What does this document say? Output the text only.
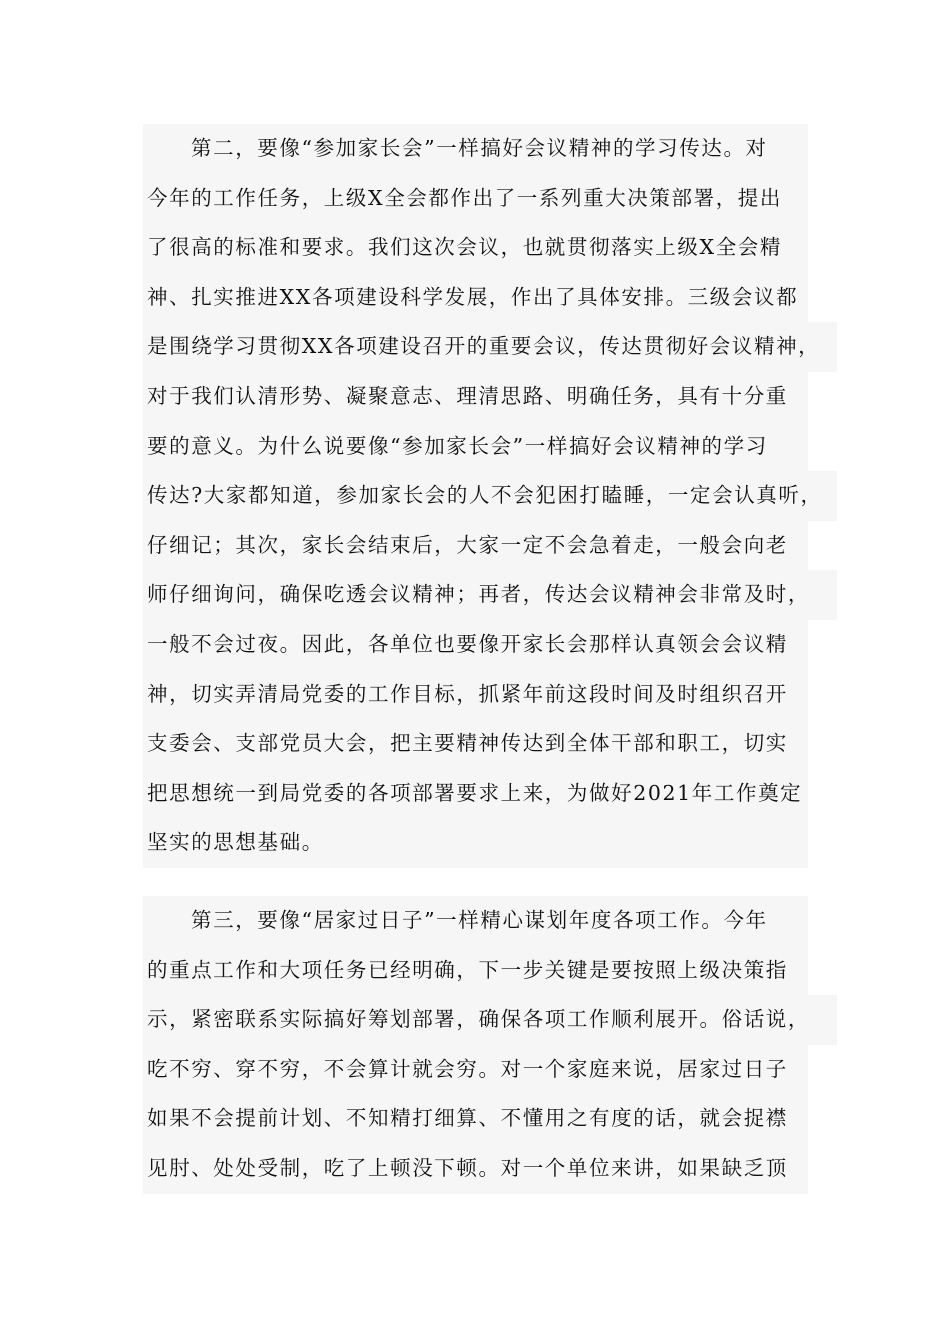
第二，要像“参加家长会”一样搞好会议精神的学习传达。对
今年的工作任务，上级X全会都作出了一系列重大决策部署，提出
了很高的标准和要求。我们这次会议，也就贯彻落实上级X全会精
神、扎实推进XX各项建设科学发展，作出了具体安排。三级会议都
是围绕学习贯彻XX各项建设召开的重要会议，传达贯彻好会议精神，
对于我们认清形势、凝聚意志、理清思路、明确任务，具有十分重
要的意义。为什么说要像“参加家长会”一样搞好会议精神的学习
传达?大家都知道，参加家长会的人不会犯困打瞌睡，一定会认真听，
仔细记；其次，家长会结束后，大家一定不会急着走，一般会向老
师仔细询问，确保吃透会议精神；再者，传达会议精神会非常及时，
一般不会过夜。因此，各单位也要像开家长会那样认真领会会议精
神，切实弄清局党委的工作目标，抓紧年前这段时间及时组织召开
支委会、支部党员大会，把主要精神传达到全体干部和职工，切实
把思想统一到局党委的各项部署要求上来，为做好2021年工作奠定
坚实的思想基础。
第三，要像“居家过日子”一样精心谋划年度各项工作。今年
的重点工作和大项任务已经明确，下一步关键是要按照上级决策指
示，紧密联系实际搞好筹划部署，确保各项工作顺利展开。俗话说，
吃不穷、穿不穷，不会算计就会穷。对一个家庭来说，居家过日子
如果不会提前计划、不知精打细算、不懂用之有度的话，就会捉襟
见肘、处处受制，吃了上顿没下顿。对一个单位来讲，如果缺乏顶
